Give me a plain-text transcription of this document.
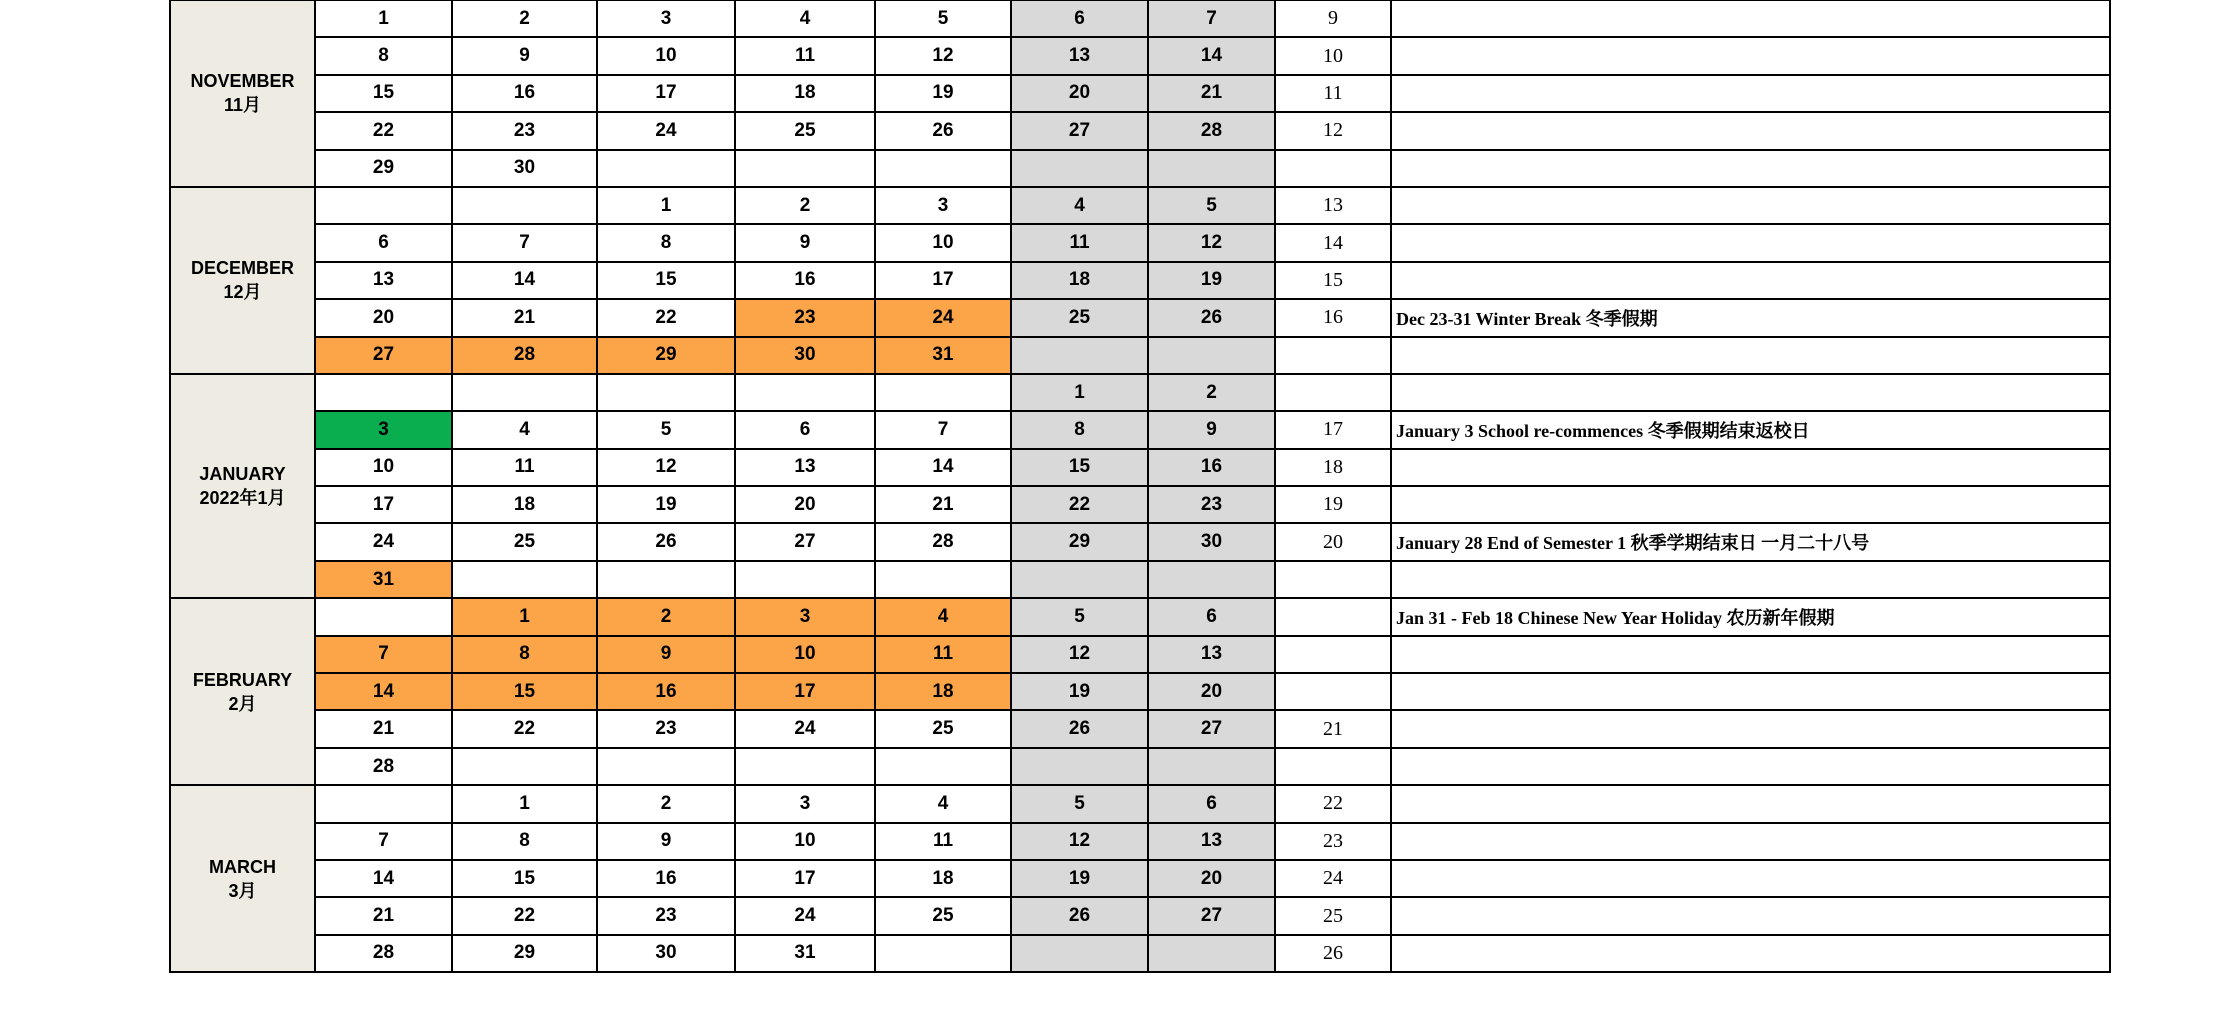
NOVEMBER
11月	1	2	3	4	5	6	7	9	
	8	9	10	11	12	13	14	10	
	15	16	17	18	19	20	21	11	
	22	23	24	25	26	27	28	12	
	29	30							

DECEMBER
12月			1	2	3	4	5	13	
	6	7	8	9	10	11	12	14	
	13	14	15	16	17	18	19	15	
	20	21	22	23	24	25	26	16	Dec 23-31 Winter Break 冬季假期
	27	28	29	30	31				

JANUARY
2022年1月						1	2		
	3	4	5	6	7	8	9	17	January 3 School re-commences 冬季假期结束返校日
	10	11	12	13	14	15	16	18	
	17	18	19	20	21	22	23	19	
	24	25	26	27	28	29	30	20	January 28 End of Semester 1 秋季学期结束日 一月二十八号
	31								

FEBRUARY
2月		1	2	3	4	5	6		Jan 31 - Feb 18 Chinese New Year Holiday 农历新年假期
	7	8	9	10	11	12	13		
	14	15	16	17	18	19	20		
	21	22	23	24	25	26	27	21	
	28								

MARCH
3月		1	2	3	4	5	6	22	
	7	8	9	10	11	12	13	23	
	14	15	16	17	18	19	20	24	
	21	22	23	24	25	26	27	25	
	28	29	30	31				26	
